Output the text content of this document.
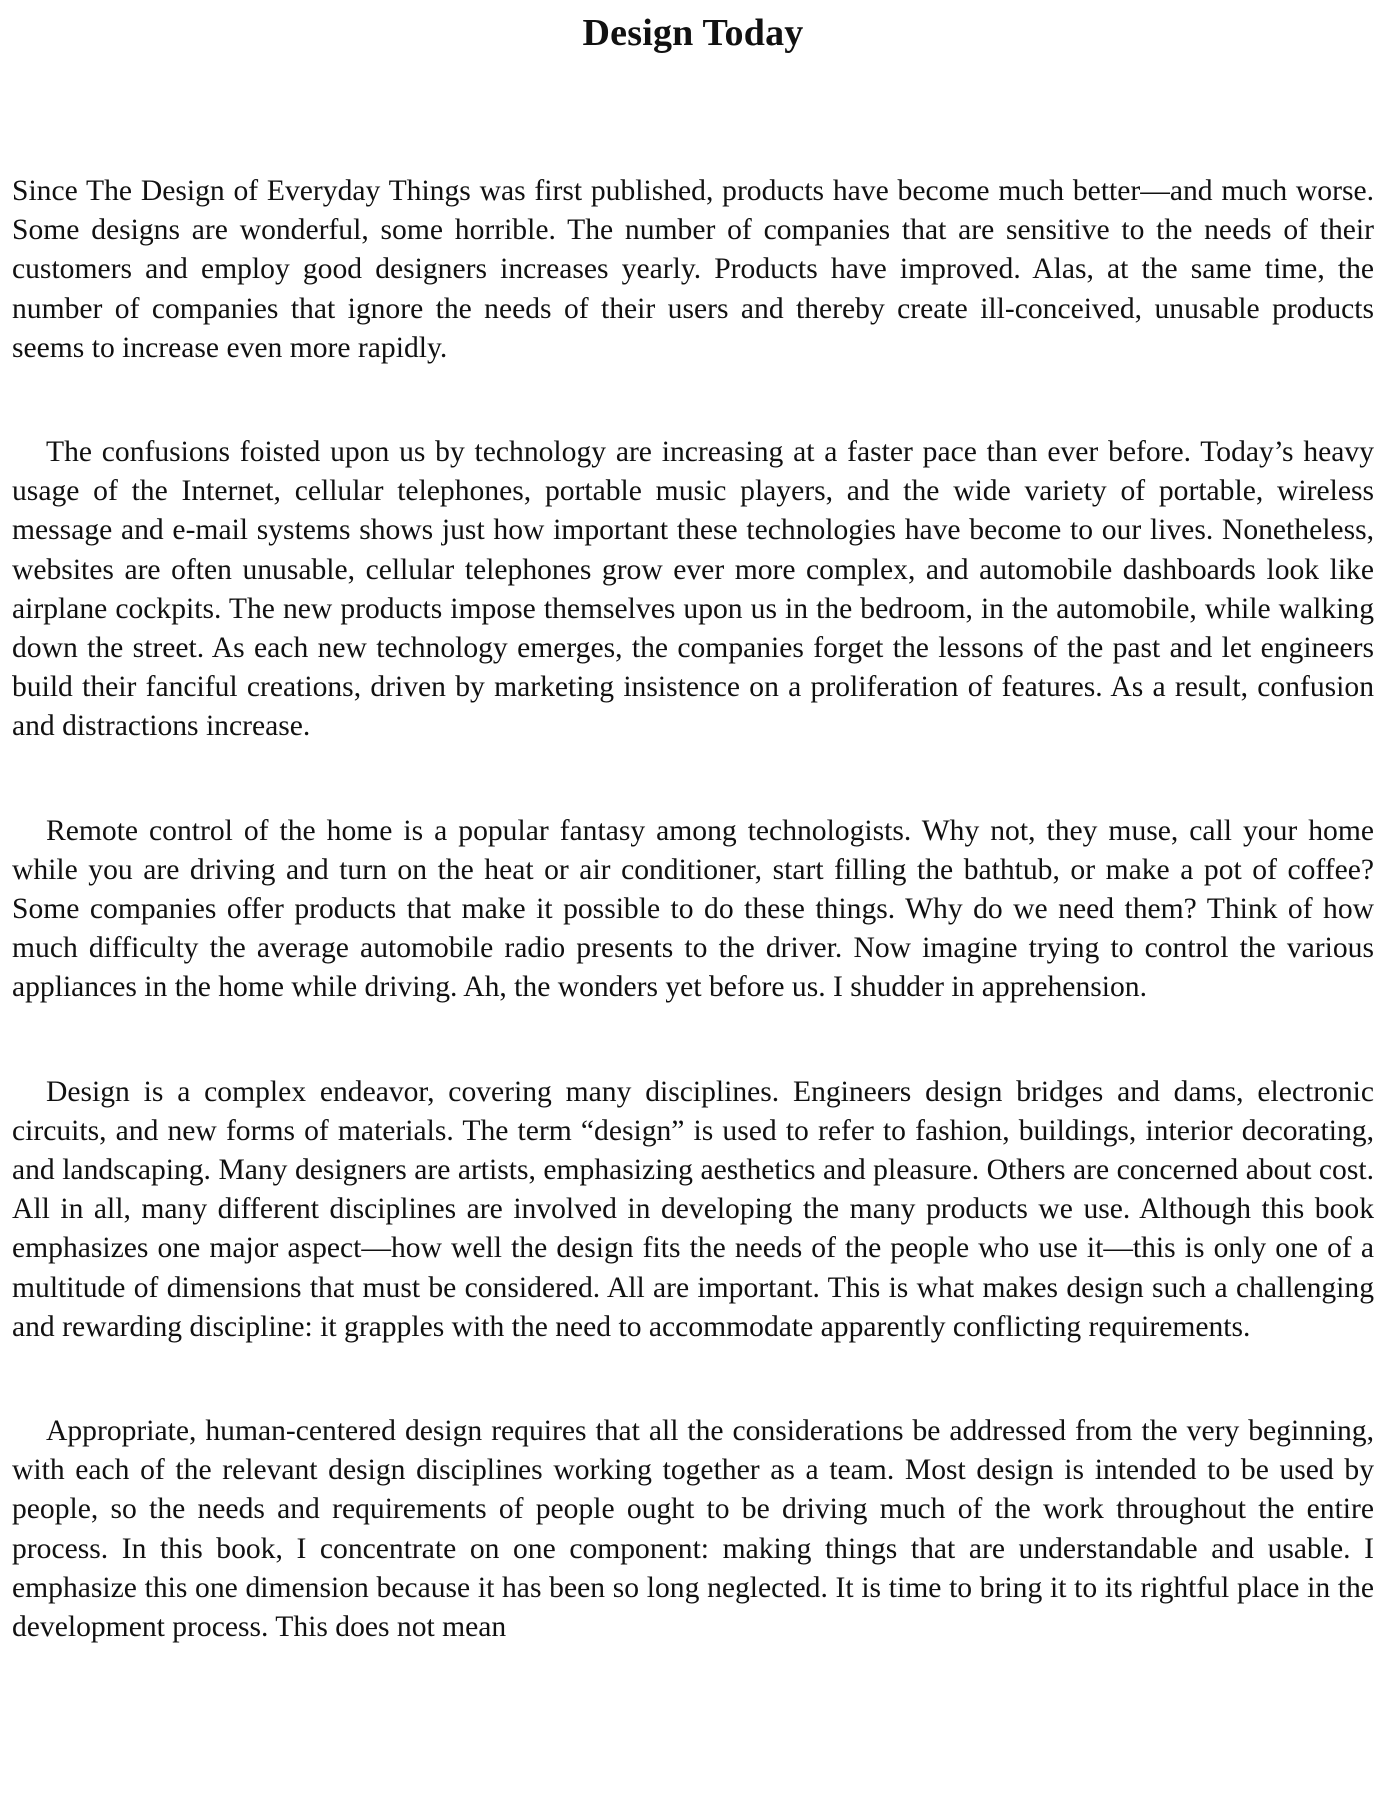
Design Today

Since The Design of Everyday Things was first published, products have become much better—and much worse. Some designs are wonderful, some horrible. The number of companies that are sensitive to the needs of their customers and employ good designers increases yearly. Products have improved. Alas, at the same time, the number of companies that ignore the needs of their users and thereby create ill-conceived, unusable products seems to increase even more rapidly.

The confusions foisted upon us by technology are increasing at a faster pace than ever before. Today’s heavy usage of the Internet, cellular telephones, portable music players, and the wide variety of portable, wireless message and e-mail systems shows just how important these technologies have become to our lives. Nonetheless, websites are often unusable, cellular telephones grow ever more complex, and automobile dashboards look like airplane cockpits. The new products impose themselves upon us in the bedroom, in the automobile, while walking down the street. As each new technology emerges, the companies forget the lessons of the past and let engineers build their fanciful creations, driven by marketing insistence on a proliferation of features. As a result, confusion and distractions increase.

Remote control of the home is a popular fantasy among technologists. Why not, they muse, call your home while you are driving and turn on the heat or air conditioner, start filling the bathtub, or make a pot of coffee? Some companies offer products that make it possible to do these things. Why do we need them? Think of how much difficulty the average automobile radio presents to the driver. Now imagine trying to control the various appliances in the home while driving. Ah, the wonders yet before us. I shudder in apprehension.

Design is a complex endeavor, covering many disciplines. Engineers design bridges and dams, electronic circuits, and new forms of materials. The term “design” is used to refer to fashion, buildings, interior decorating, and landscaping. Many designers are artists, emphasizing aesthetics and pleasure. Others are concerned about cost. All in all, many different disciplines are involved in developing the many products we use. Although this book emphasizes one major aspect—how well the design fits the needs of the people who use it—this is only one of a multitude of dimensions that must be considered. All are important. This is what makes design such a challenging and rewarding discipline: it grapples with the need to accommodate apparently conflicting requirements.

Appropriate, human-centered design requires that all the considerations be addressed from the very beginning, with each of the relevant design disciplines working together as a team. Most design is intended to be used by people, so the needs and requirements of people ought to be driving much of the work throughout the entire process. In this book, I concentrate on one component: making things that are understandable and usable. I emphasize this one dimension because it has been so long neglected. It is time to bring it to its rightful place in the development process. This does not mean
